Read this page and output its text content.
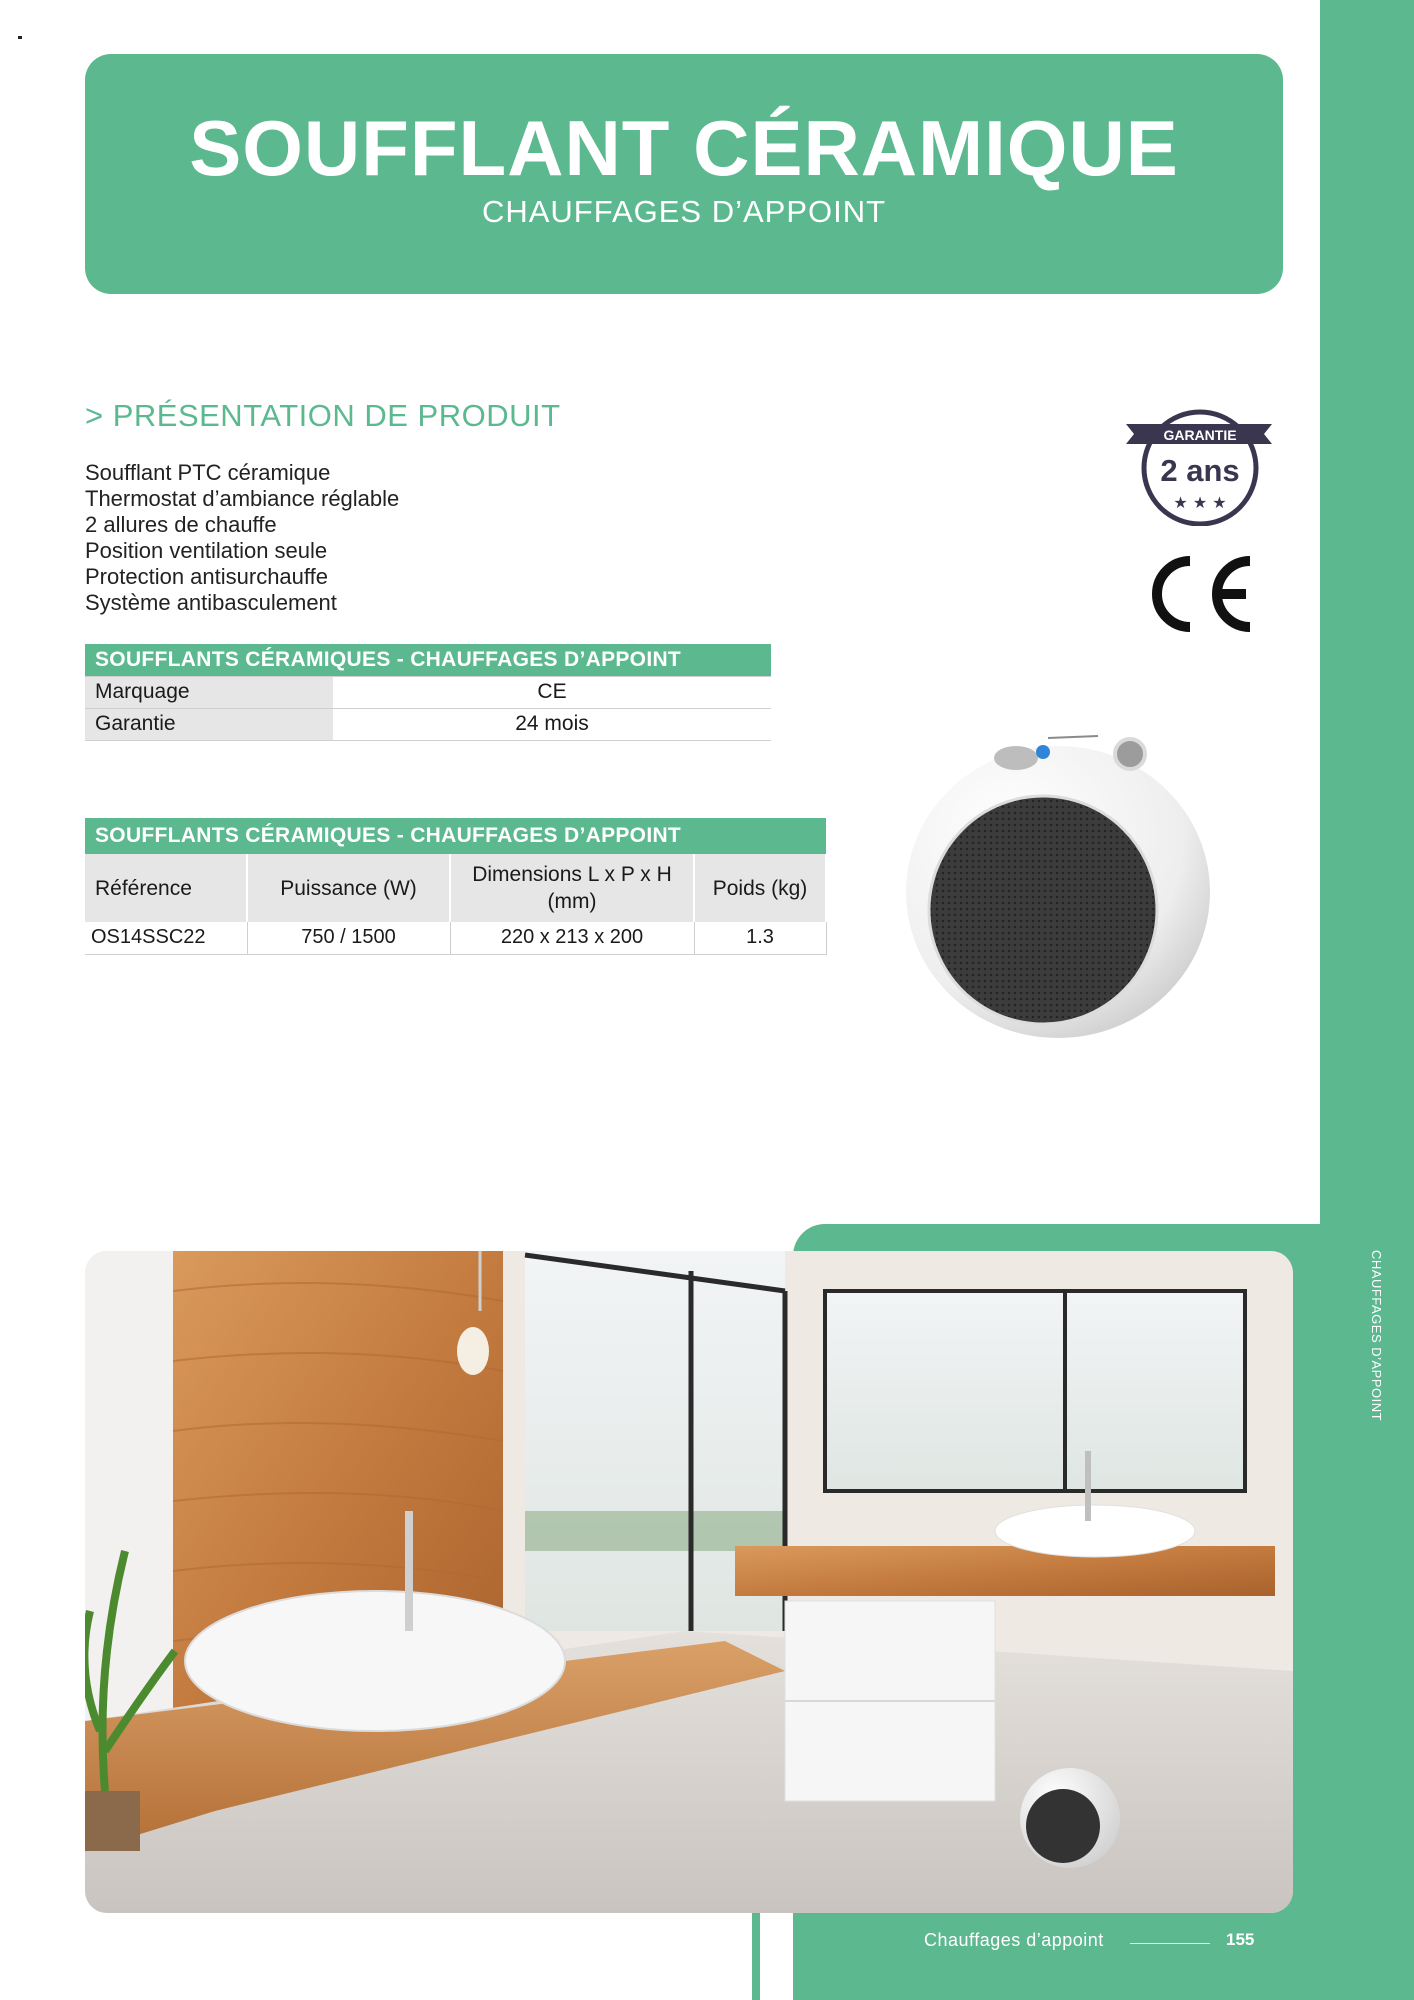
CHAUFFAGES D’APPOINT
SOUFFLANT CÉRAMIQUE
CHAUFFAGES D’APPOINT
> PRÉSENTATION DE PRODUIT
Soufflant PTC céramique
Thermostat d’ambiance réglable
2 allures de chauffe
Position ventilation seule
Protection antisurchauffe
Système antibasculement
GARANTIE
2 ans
★ ★ ★
SOUFFLANTS CÉRAMIQUES - CHAUFFAGES D’APPOINT	
Marquage	CE
Garantie	24 mois
SOUFFLANTS CÉRAMIQUES - CHAUFFAGES D’APPOINT			
Référence	Puissance (W)	Dimensions L x P x H (mm)	Poids (kg)
OS14SSC22	750 / 1500	220 x 213 x 200	1.3
Chauffages d’appoint	155
